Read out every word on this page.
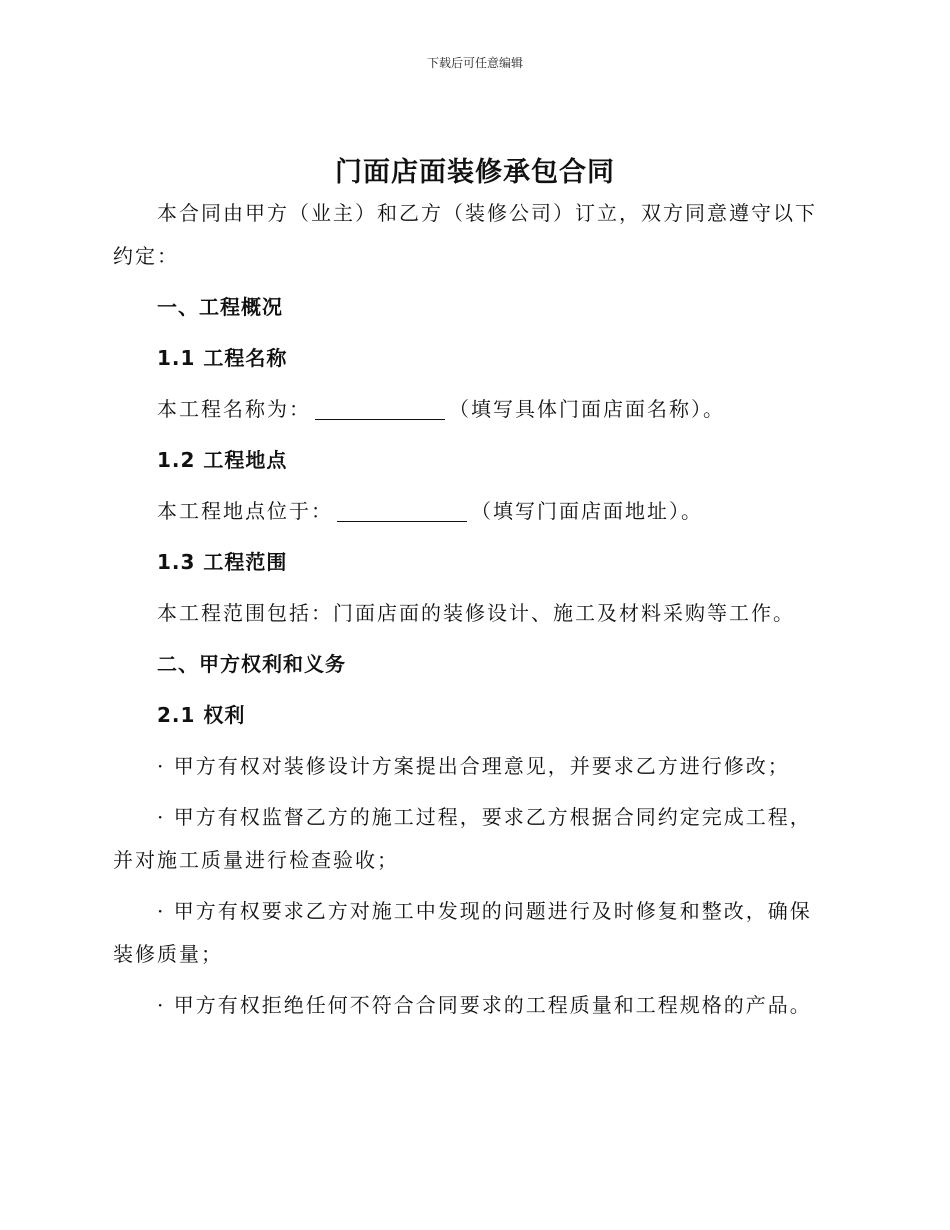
下载后可任意编辑
门面店面装修承包合同

本合同由甲方（业主）和乙方（装修公司）订立，双方同意遵守以下约定：

一、工程概况

1.1 工程名称

本工程名称为：	（填写具体门面店面名称）。

1.2 工程地点

本工程地点位于：	（填写门面店面地址）。

1.3 工程范围

本工程范围包括：门面店面的装修设计、施工及材料采购等工作。

二、甲方权利和义务

2.1 权利

· 甲方有权对装修设计方案提出合理意见，并要求乙方进行修改；

· 甲方有权监督乙方的施工过程，要求乙方根据合同约定完成工程，并对施工质量进行检查验收；

· 甲方有权要求乙方对施工中发现的问题进行及时修复和整改，确保装修质量；

· 甲方有权拒绝任何不符合合同要求的工程质量和工程规格的产品。
